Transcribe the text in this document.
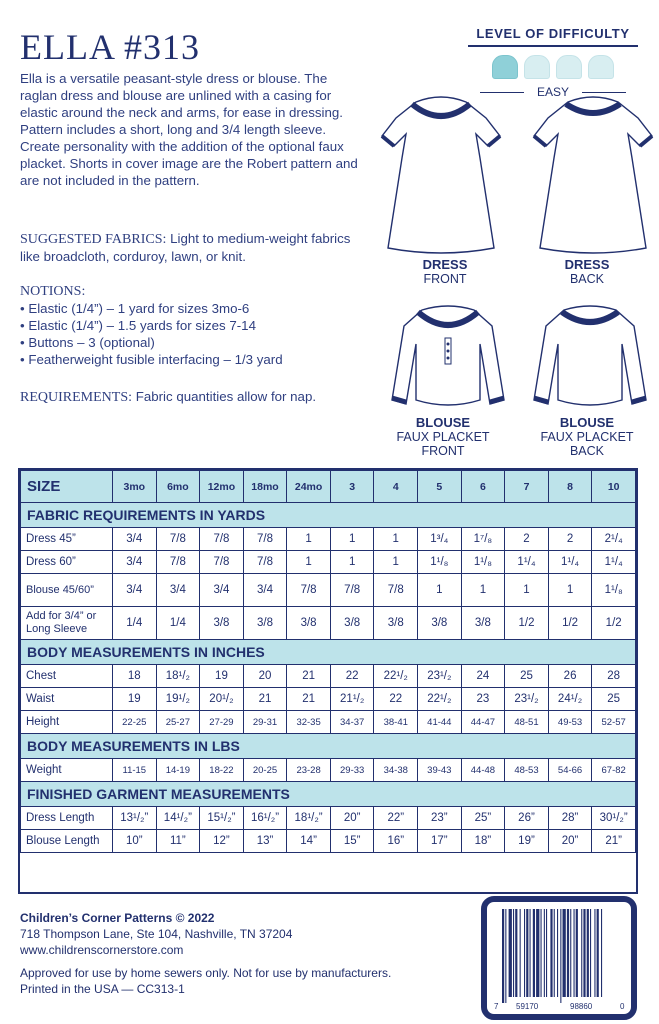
ELLA #313
Ella is a versatile peasant-style dress or blouse. The raglan dress and blouse are unlined with a casing for elastic around the neck and arms, for ease in dressing. Pattern includes a short, long and 3/4 length sleeve. Create personality with the addition of the optional faux placket. Shorts in cover image are the Robert pattern and are not included in the pattern.
SUGGESTED FABRICS: Light to medium-weight fabrics like broadcloth, corduroy, lawn, or knit.
NOTIONS:
• Elastic (1/4”) – 1 yard for sizes 3mo-6
• Elastic (1/4”) – 1.5 yards for sizes 7-14
• Buttons – 3 (optional)
• Featherweight fusible interfacing – 1/3 yard
REQUIREMENTS: Fabric quantities allow for nap.
LEVEL OF DIFFICULTY
EASY
DRESS
FRONT
DRESS
BACK
BLOUSE
FAUX PLACKET
FRONT
BLOUSE
FAUX PLACKET
BACK
SIZE	3mo	6mo	12mo	18mo	24mo	3	4	5	6	7	8	10
FABRIC REQUIREMENTS IN YARDS												
Dress 45”	3/4	7/8	7/8	7/8	1	1	1	1³/₄	1⁷/₈	2	2	2¹/₄
Dress 60”	3/4	7/8	7/8	7/8	1	1	1	1¹/₈	1¹/₈	1¹/₄	1¹/₄	1¹/₄
Blouse 45/60”	3/4	3/4	3/4	3/4	7/8	7/8	7/8	1	1	1	1	1¹/₈
Add for 3/4” or Long Sleeve	1/4	1/4	3/8	3/8	3/8	3/8	3/8	3/8	3/8	1/2	1/2	1/2
BODY MEASUREMENTS IN INCHES												
Chest	18	18¹/₂	19	20	21	22	22¹/₂	23¹/₂	24	25	26	28
Waist	19	19¹/₂	20¹/₂	21	21	21¹/₂	22	22¹/₂	23	23¹/₂	24¹/₂	25
Height	22-25	25-27	27-29	29-31	32-35	34-37	38-41	41-44	44-47	48-51	49-53	52-57
BODY MEASUREMENTS IN LBS												
Weight	11-15	14-19	18-22	20-25	23-28	29-33	34-38	39-43	44-48	48-53	54-66	67-82
FINISHED GARMENT MEASUREMENTS												
Dress Length	13¹/₂”	14¹/₂”	15¹/₂”	16¹/₂”	18¹/₂”	20”	22”	23”	25”	26”	28”	30¹/₂”
Blouse Length	10”	11”	12”	13”	14”	15”	16”	17”	18”	19”	20”	21”
Children’s Corner Patterns © 2022
718 Thompson Lane, Ste 104, Nashville, TN 37204
www.childrenscornerstore.com
Approved for use by home sewers only. Not for use by manufacturers.
Printed in the USA — CC313-1
7 59170	98860	0
